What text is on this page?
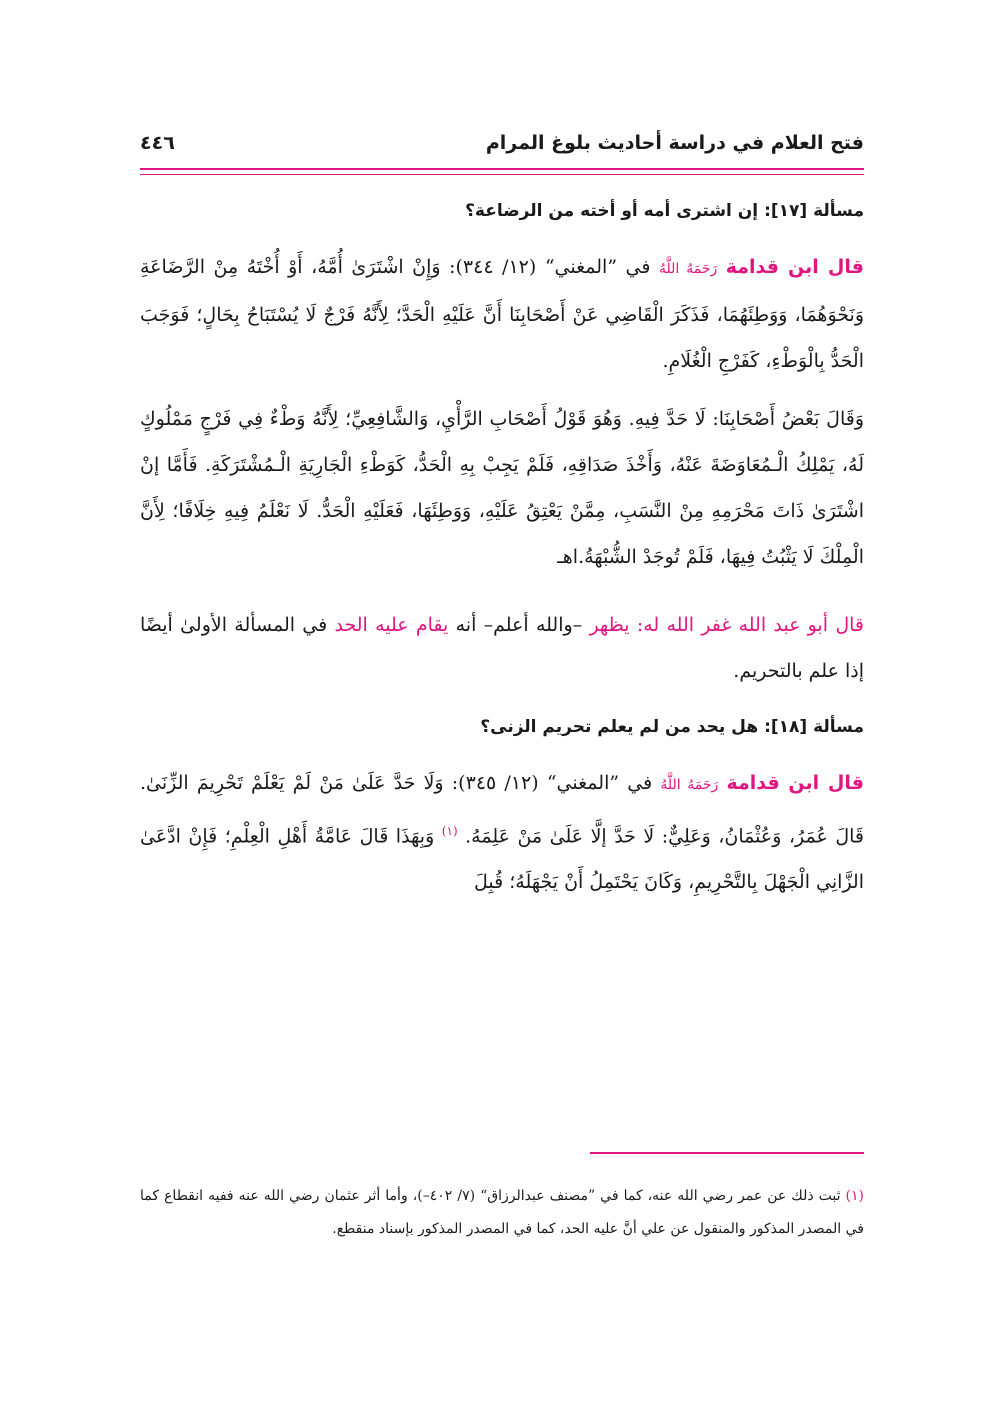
فتح العلام في دراسة أحاديث بلوغ المرام
٤٤٦
مسألة [١٧]: إن اشترى أمه أو أخته من الرضاعة؟

قال ابن قدامة رَحَمَهُ اللَّهُ في ”المغني“ (١٢/ ٣٤٤): وَإِنْ اشْتَرَىٰ أُمَّهُ، أَوْ أُخْتَهُ مِنْ الرَّضَاعَةِ وَنَحْوَهُمَا، وَوَطِئَهُمَا، فَذَكَرَ الْقَاضِي عَنْ أَصْحَابِنَا أَنَّ عَلَيْهِ الْحَدَّ؛ لِأَنَّهُ فَرْجٌ لَا يُسْتَبَاحُ بِحَالٍ؛ فَوَجَبَ الْحَدُّ بِالْوَطْءِ، كَفَرْجِ الْغُلَامِ.

وَقَالَ بَعْضُ أَصْحَابِنَا: لَا حَدَّ فِيهِ. وَهُوَ قَوْلُ أَصْحَابِ الرَّأْيِ، وَالشَّافِعِيِّ؛ لِأَنَّهُ وَطْءٌ فِي فَرْجٍ مَمْلُوكٍ لَهُ، يَمْلِكُ الْـمُعَاوَضَةَ عَنْهُ، وَأَخْذَ صَدَاقِهِ، فَلَمْ يَجِبْ بِهِ الْحَدُّ، كَوَطْءِ الْجَارِيَةِ الْـمُشْتَرَكَةِ. فَأَمَّا إنْ اشْتَرَىٰ ذَاتَ مَحْرَمِهِ مِنْ النَّسَبِ، مِمَّنْ يَعْتِقُ عَلَيْهِ، وَوَطِئَهَا، فَعَلَيْهِ الْحَدُّ. لَا نَعْلَمُ فِيهِ خِلَافًا؛ لِأَنَّ الْمِلْكَ لَا يَثْبُتُ فِيهَا، فَلَمْ تُوجَدْ الشُّبْهَةُ.اهـ

قال أبو عبد الله غفر الله له: يظهر –والله أعلم– أنه يقام عليه الحد في المسألة الأولىٰ أيضًا إذا علم بالتحريم.

مسألة [١٨]: هل يحد من لم يعلم تحريم الزنى؟

قال ابن قدامة رَحَمَهُ اللَّهُ في ”المغني“ (١٢/ ٣٤٥): وَلَا حَدَّ عَلَىٰ مَنْ لَمْ يَعْلَمْ تَحْرِيمَ الزِّنَىٰ. قَالَ عُمَرُ، وَعُثْمَانُ، وَعَلِيٌّ: لَا حَدَّ إلَّا عَلَىٰ مَنْ عَلِمَهُ. $^{(١)}$ وَبِهَذَا قَالَ عَامَّةُ أَهْلِ الْعِلْمِ؛ فَإِنْ ادَّعَىٰ الزَّانِي الْجَهْلَ بِالتَّحْرِيمِ، وَكَانَ يَحْتَمِلُ أَنْ يَجْهَلَهُ؛ قُبِلَ

(١) ثبت ذلك عن عمر رضي الله عنه، كما في ”مصنف عبدالرزاق“ (٧/ ٤٠٢–)، وأما أثر عثمان رضي الله عنه ففيه انقطاع كما في المصدر المذكور والمنقول عن علي أنَّ عليه الحد، كما في المصدر المذكور بإسناد منقطع.
